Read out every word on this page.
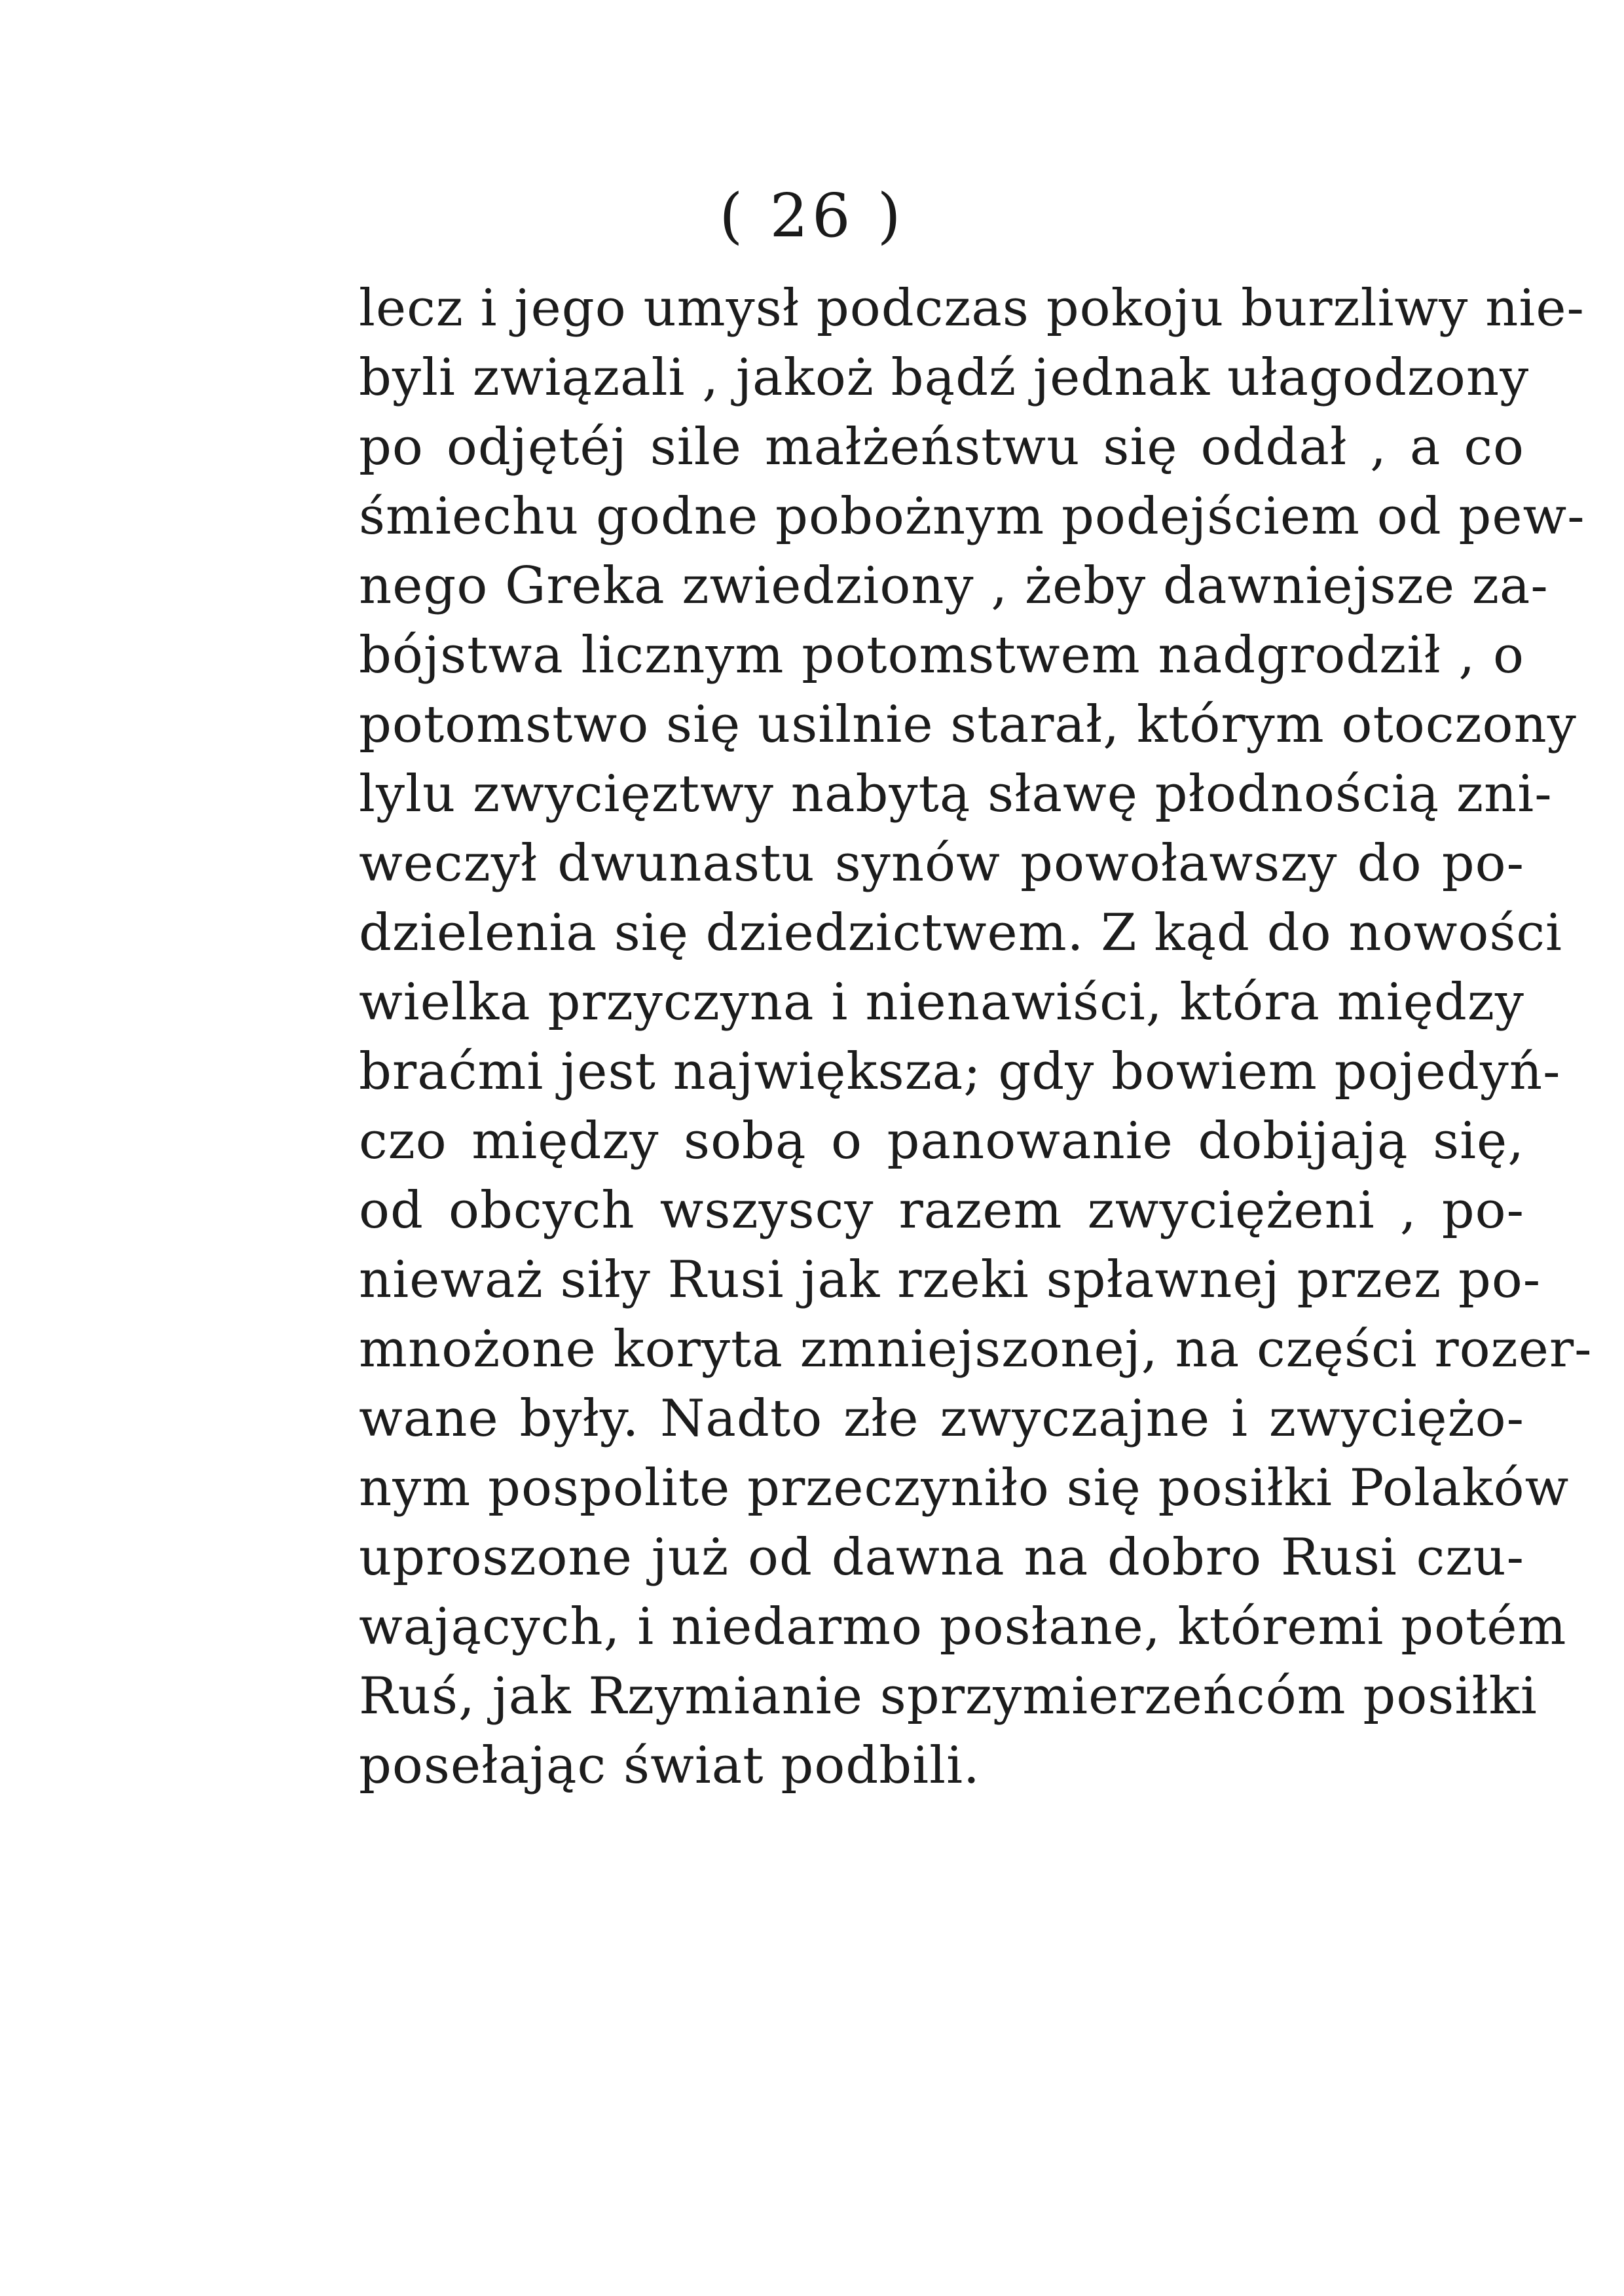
( 26 )
lecz i jego umysł podczas pokoju burzliwy nie-
byli związali , jakoż bądź jednak ułagodzony
po odjętéj sile małżeństwu się oddał , a co
śmiechu godne pobożnym podejściem od pew-
nego Greka zwiedziony , żeby dawniejsze za-
bójstwa licznym potomstwem nadgrodził , o
potomstwo się usilnie starał, którym otoczony
lylu zwycięztwy nabytą sławę płodnością zni-
weczył dwunastu synów powoławszy do po-
dzielenia się dziedzictwem. Z kąd do nowości
wielka przyczyna i nienawiści, która między
braćmi jest największa; gdy bowiem pojedyń-
czo między sobą o panowanie dobijają się,
od obcych wszyscy razem zwyciężeni , po-
nieważ siły Rusi jak rzeki spławnej przez po-
mnożone koryta zmniejszonej, na części rozer-
wane były. Nadto złe zwyczajne i zwyciężo-
nym pospolite przeczyniło się posiłki Polaków
uproszone już od dawna na dobro Rusi czu-
wających, i niedarmo posłane, któremi potém
Ruś, jak Rzymianie sprzymierzeńcóm posiłki
posełając świat podbili.
